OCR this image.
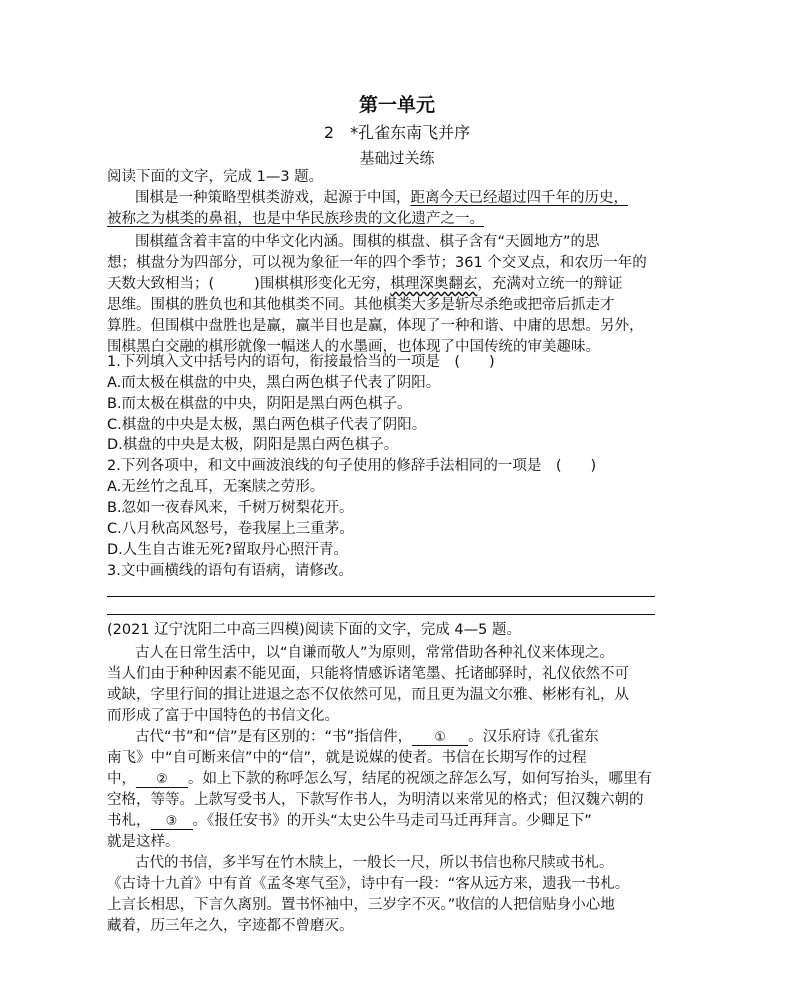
第一单元
2　*孔雀东南飞并序
基础过关练
阅读下面的文字，完成 1—3 题。
围棋是一种策略型棋类游戏，起源于中国，距离今天已经超过四千年的历史，
被称之为棋类的鼻祖，也是中华民族珍贵的文化遗产之一。
围棋蕴含着丰富的中华文化内涵。围棋的棋盘、棋子含有“天圆地方”的思
想；棋盘分为四部分，可以视为象征一年的四个季节；361 个交叉点，和农历一年的
天数大致相当；(	)围棋棋形变化无穷，棋理深奥翻玄，充满对立统一的辩证
思维。围棋的胜负也和其他棋类不同。其他棋类大多是斩尽杀绝或把帝后抓走才
算胜。但围棋中盘胜也是赢，赢半目也是赢，体现了一种和谐、中庸的思想。另外，
围棋黑白交融的棋形就像一幅迷人的水墨画，也体现了中国传统的审美趣味。
1.下列填入文中括号内的语句，衔接最恰当的一项是　(　　)
A.而太极在棋盘的中央，黑白两色棋子代表了阴阳。
B.而太极在棋盘的中央，阴阳是黑白两色棋子。
C.棋盘的中央是太极，黑白两色棋子代表了阴阳。
D.棋盘的中央是太极，阴阳是黑白两色棋子。
2.下列各项中，和文中画波浪线的句子使用的修辞手法相同的一项是　(　　)
A.无丝竹之乱耳，无案牍之劳形。
B.忽如一夜春风来，千树万树梨花开。
C.八月秋高风怒号，卷我屋上三重茅。
D.人生自古谁无死?留取丹心照汗青。
3.文中画横线的语句有语病，请修改。
(2021 辽宁沈阳二中高三四模)阅读下面的文字，完成 4—5 题。
古人在日常生活中，以“自谦而敬人”为原则，常常借助各种礼仪来体现之。
当人们由于种种因素不能见面，只能将情感诉诸笔墨、托诸邮驿时，礼仪依然不可
或缺，字里行间的揖让进退之态不仅依然可见，而且更为温文尔雅、彬彬有礼，从
而形成了富于中国特色的书信文化。
古代“书”和“信”是有区别的：“书”指信件， ① 。汉乐府诗《孔雀东
南飞》中“自可断来信”中的“信”，就是说媒的使者。书信在长期写作的过程
中， ② 。如上下款的称呼怎么写，结尾的祝颂之辞怎么写，如何写抬头，哪里有
空格，等等。上款写受书人，下款写作书人，为明清以来常见的格式；但汉魏六朝的
书札， ③ 。《报任安书》的开头“太史公牛马走司马迁再拜言。少卿足下”
就是这样。
古代的书信，多半写在竹木牍上，一般长一尺，所以书信也称尺牍或书札。
《古诗十九首》中有首《孟冬寒气至》，诗中有一段：“客从远方来，遗我一书札。
上言长相思，下言久离别。置书怀袖中，三岁字不灭。”收信的人把信贴身小心地
藏着，历三年之久，字迹都不曾磨灭。
